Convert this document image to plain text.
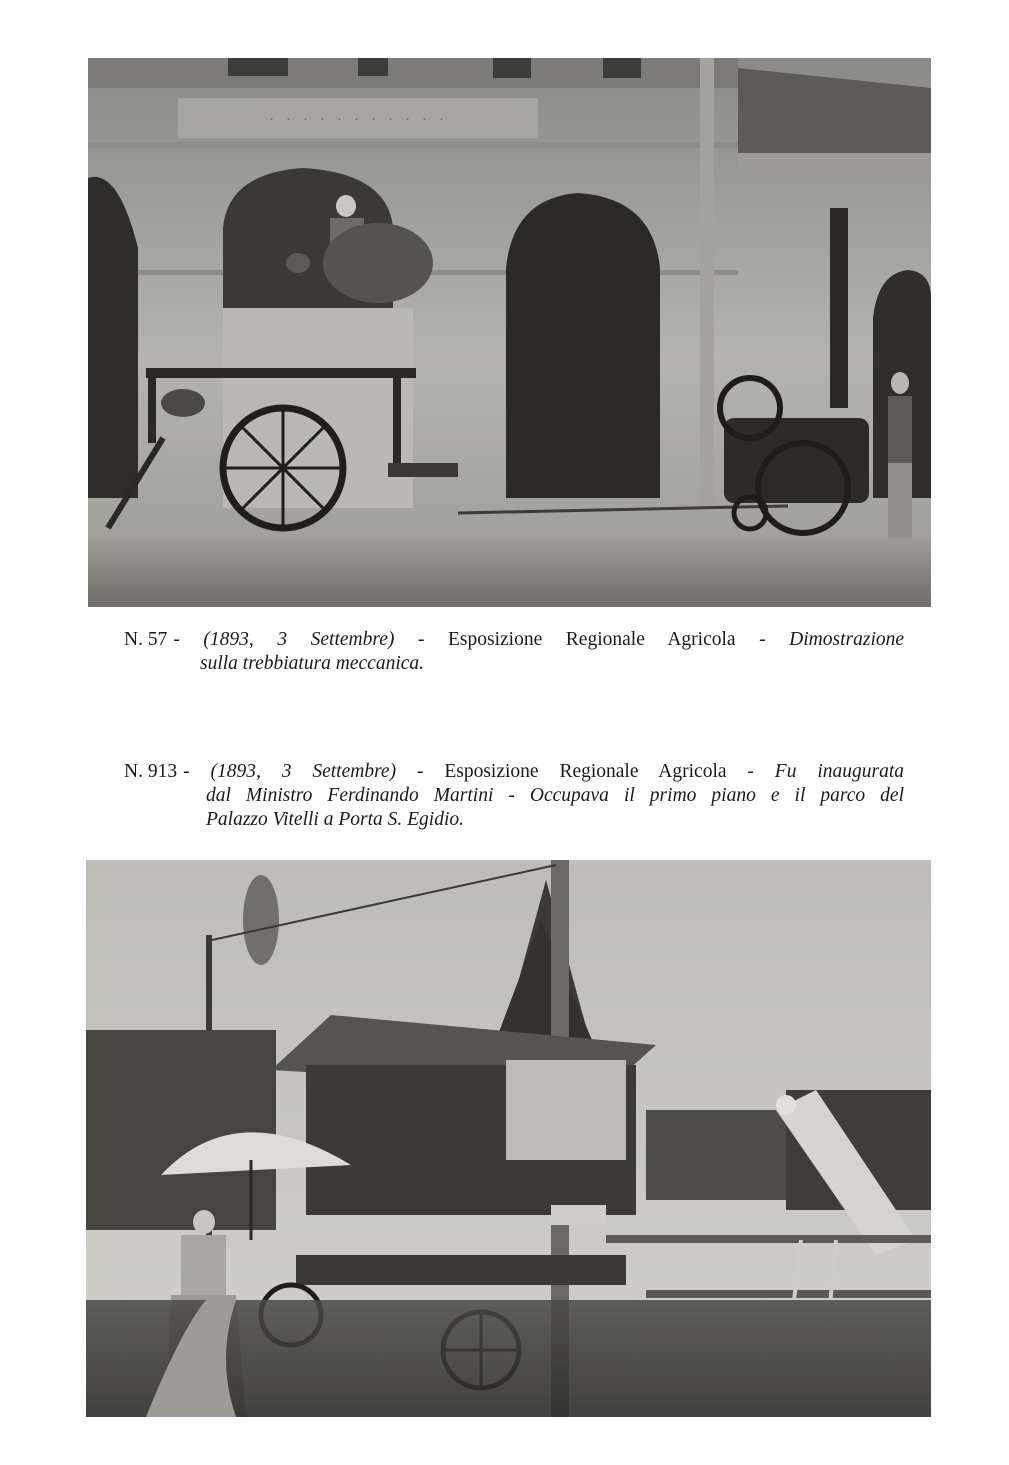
· · · · · · · · · · ·
N. 57 - (1893, 3 Settembre) - Esposizione Regionale Agricola - Dimostrazione
sulla trebbiatura meccanica.
N. 913 - (1893, 3 Settembre) - Esposizione Regionale Agricola - Fu inaugurata
dal Ministro Ferdinando Martini - Occupava il primo piano e il parco del
Palazzo Vitelli a Porta S. Egidio.
